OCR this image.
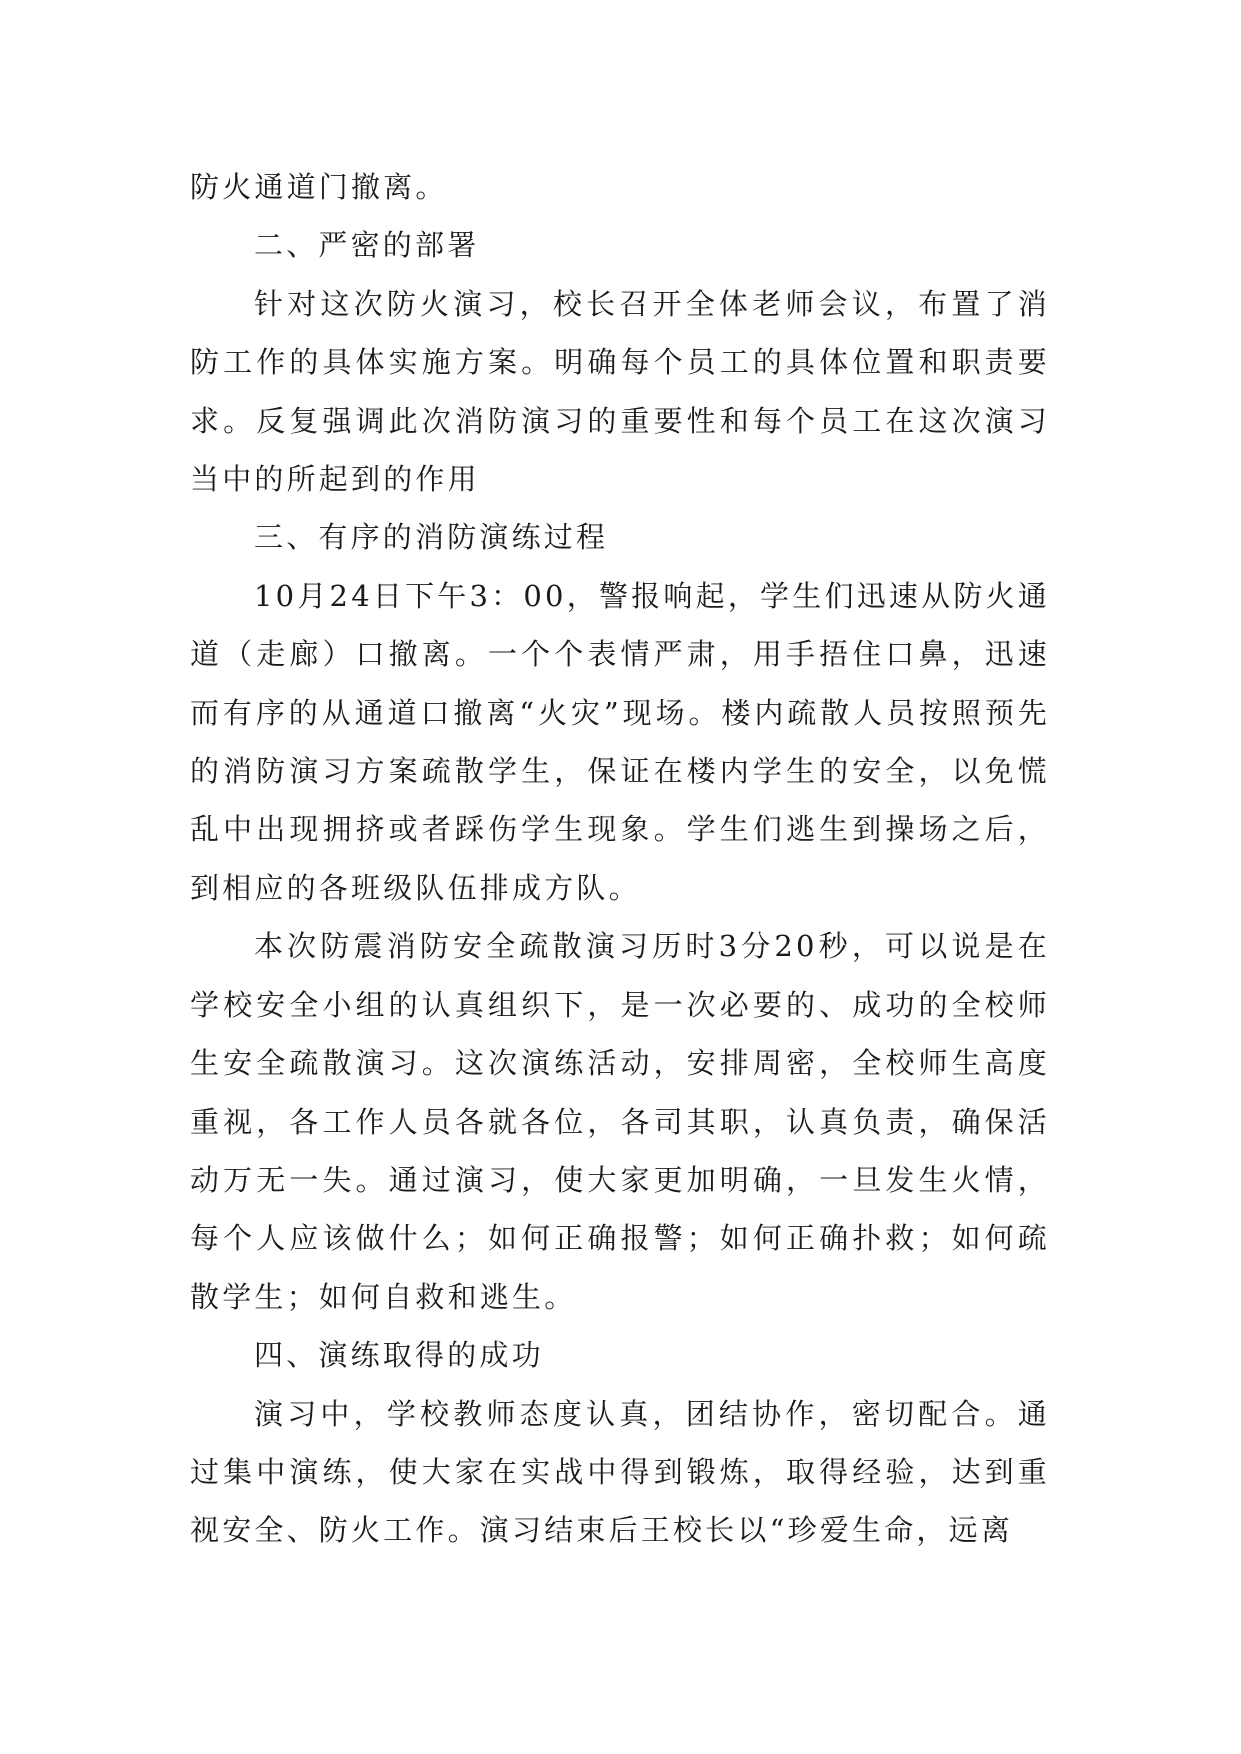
防火通道门撤离。

二、严密的部署

针对这次防火演习，校长召开全体老师会议，布置了消防工作的具体实施方案。明确每个员工的具体位置和职责要求。反复强调此次消防演习的重要性和每个员工在这次演习当中的所起到的作用

三、有序的消防演练过程

10月24日下午3：00，警报响起，学生们迅速从防火通道（走廊）口撤离。一个个表情严肃，用手捂住口鼻，迅速而有序的从通道口撤离“火灾”现场。楼内疏散人员按照预先的消防演习方案疏散学生，保证在楼内学生的安全，以免慌乱中出现拥挤或者踩伤学生现象。学生们逃生到操场之后，到相应的各班级队伍排成方队。

本次防震消防安全疏散演习历时3分20秒，可以说是在学校安全小组的认真组织下，是一次必要的、成功的全校师生安全疏散演习。这次演练活动，安排周密，全校师生高度重视，各工作人员各就各位，各司其职，认真负责，确保活动万无一失。通过演习，使大家更加明确，一旦发生火情，每个人应该做什么；如何正确报警；如何正确扑救；如何疏散学生；如何自救和逃生。

四、演练取得的成功

演习中，学校教师态度认真，团结协作，密切配合。通过集中演练，使大家在实战中得到锻炼，取得经验，达到重视安全、防火工作。演习结束后王校长以“珍爱生命，远离
